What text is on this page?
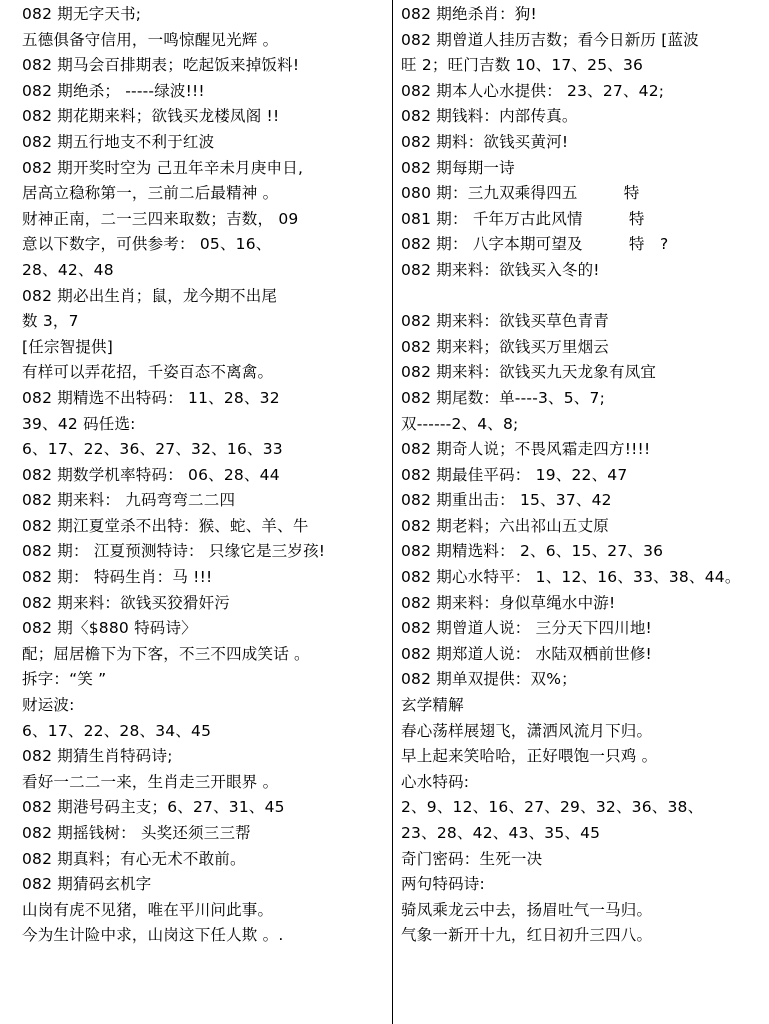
082 期无字天书;
五德俱备守信用，一鸣惊醒见光辉 。
082 期马会百排期表；吃起饭来掉饭料!
082 期绝杀； -----绿波!!!
082 期花期来料；欲钱买龙楼凤阁 !!
082 期五行地支不利于红波
082 期开奖时空为 己丑年辛未月庚申日,
居高立稳称第一，三前二后最精神 。
财神正南，二一三四来取数；吉数， 09
意以下数字，可供参考： 05、16、
28、42、48
082 期必出生肖；鼠，龙今期不出尾
数 3，7
[任宗智提供]
有样可以弄花招，千姿百态不离禽。
082 期精选不出特码： 11、28、32
39、42 码任选:
6、17、22、36、27、32、16、33
082 期数学机率特码： 06、28、44
082 期来料： 九码弯弯二二四
082 期江夏堂杀不出特：猴、蛇、羊、牛
082 期： 江夏预测特诗： 只缘它是三岁孩!
082 期： 特码生肖：马 !!!
082 期来料：欲钱买狡猾奸污
082 期〈$880 特码诗〉
配；屈居檐下为下客，不三不四成笑话 。
拆字：“笑 ”
财运波:
6、17、22、28、34、45
082 期猜生肖特码诗;
看好一二二一来，生肖走三开眼界 。
082 期港号码主支；6、27、31、45
082 期摇钱树： 头奖还须三三帮
082 期真料；有心无术不敢前。
082 期猜码玄机字
山岗有虎不见猪，唯在平川问此事。
今为生计险中求，山岗这下任人欺 。.
082 期绝杀肖：狗!
082 期曾道人挂历吉数；看今日新历 [蓝波
旺 2；旺门吉数 10、17、25、36
082 期本人心水提供： 23、27、42;
082 期钱料：内部传真。
082 期料：欲钱买黄河!
082 期每期一诗
080 期：三九双乘得四五         特
081 期： 千年万古此风情         特
082 期： 八字本期可望及         特   ?
082 期来料：欲钱买入冬的!
082 期来料：欲钱买草色青青
082 期来料；欲钱买万里烟云
082 期来料：欲钱买九天龙象有凤宜
082 期尾数：单----3、5、7;
双------2、4、8;
082 期奇人说；不畏风霜走四方!!!!
082 期最佳平码： 19、22、47
082 期重出击： 15、37、42
082 期老料；六出祁山五丈原
082 期精选料： 2、6、15、27、36
082 期心水特平： 1、12、16、33、38、44。
082 期来料：身似草绳水中游!
082 期曾道人说： 三分天下四川地!
082 期郑道人说： 水陆双栖前世修!
082 期单双提供：双%；
玄学精解
春心荡样展翅飞，潇洒风流月下归。
早上起来笑哈哈，正好喂饱一只鸡 。
心水特码:
2、9、12、16、27、29、32、36、38、
23、28、42、43、35、45
奇门密码：生死一决
两句特码诗:
骑凤乘龙云中去，扬眉吐气一马归。
气象一新开十九，红日初升三四八。
